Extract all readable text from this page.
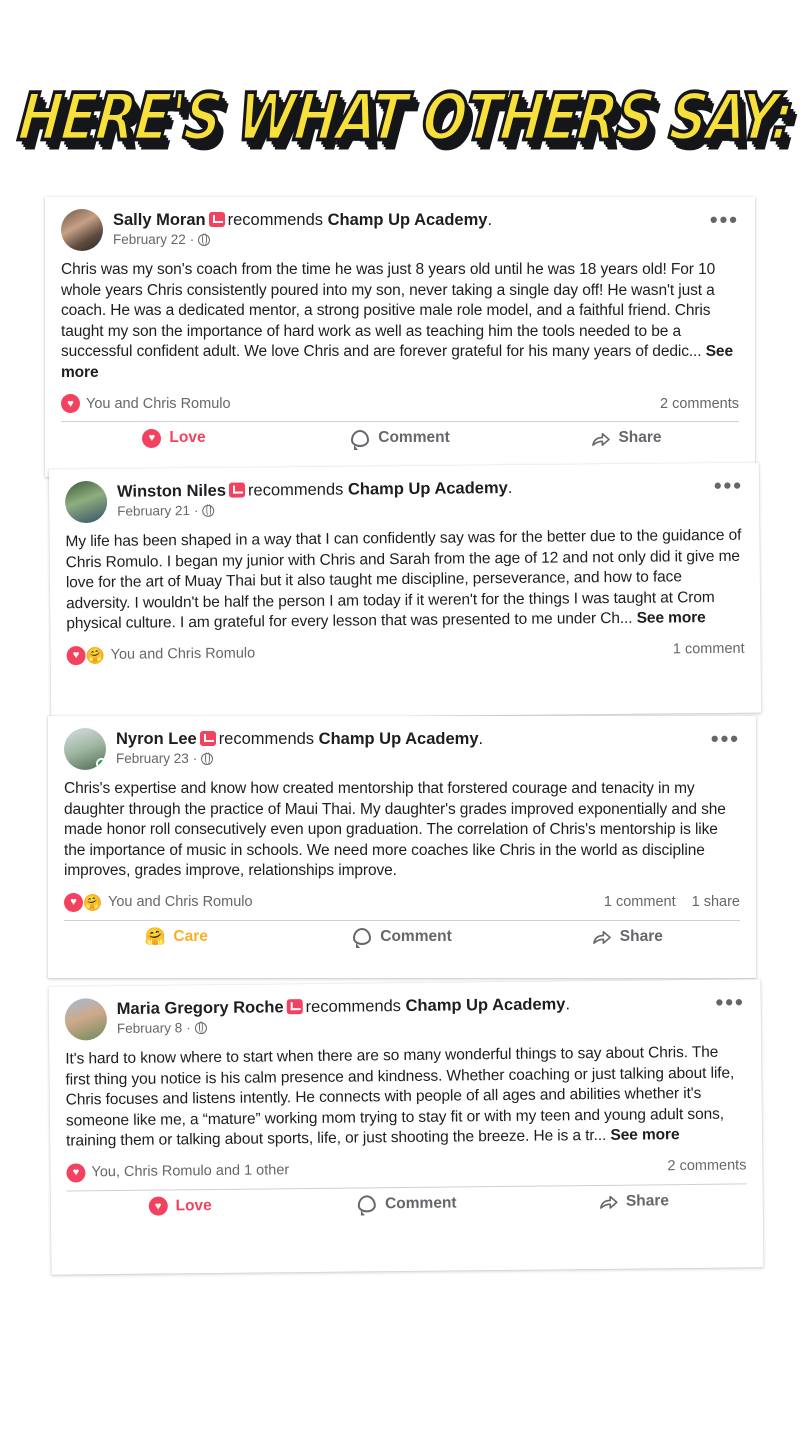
HERE'S WHAT OTHERS SAY:
Sally Moran recommends Champ Up Academy.
February 22 ·
•••
Chris was my son's coach from the time he was just 8 years old until he was 18 years old! For 10 whole years Chris consistently poured into my son, never taking a single day off! He wasn't just a coach. He was a dedicated mentor, a strong positive male role model, and a faithful friend. Chris taught my son the importance of hard work as well as teaching him the tools needed to be a successful confident adult. We love Chris and are forever grateful for his many years of dedic... See more
♥ You and Chris Romulo	2 comments
♥ Love	Comment	Share
Winston Niles recommends Champ Up Academy.
February 21 ·
•••
My life has been shaped in a way that I can confidently say was for the better due to the guidance of Chris Romulo. I began my junior with Chris and Sarah from the age of 12 and not only did it give me love for the art of Muay Thai but it also taught me discipline, perseverance, and how to face adversity. I wouldn't be half the person I am today if it weren't for the things I was taught at Crom physical culture. I am grateful for every lesson that was presented to me under Ch... See more
♥ 🤗 You and Chris Romulo	1 comment
Nyron Lee recommends Champ Up Academy.
February 23 ·
•••
Chris's expertise and know how created mentorship that forstered courage and tenacity in my daughter through the practice of Maui Thai. My daughter's grades improved exponentially and she made honor roll consecutively even upon graduation. The correlation of Chris's mentorship is like the importance of music in schools. We need more coaches like Chris in the world as discipline improves, grades improve, relationships improve.
♥ 🤗 You and Chris Romulo	1 comment 1 share
🤗 Care	Comment	Share
Maria Gregory Roche recommends Champ Up Academy.
February 8 ·
•••
It's hard to know where to start when there are so many wonderful things to say about Chris. The first thing you notice is his calm presence and kindness. Whether coaching or just talking about life, Chris focuses and listens intently. He connects with people of all ages and abilities whether it's someone like me, a “mature” working mom trying to stay fit or with my teen and young adult sons, training them or talking about sports, life, or just shooting the breeze. He is a tr... See more
♥ You, Chris Romulo and 1 other	2 comments
♥ Love	Comment	Share
